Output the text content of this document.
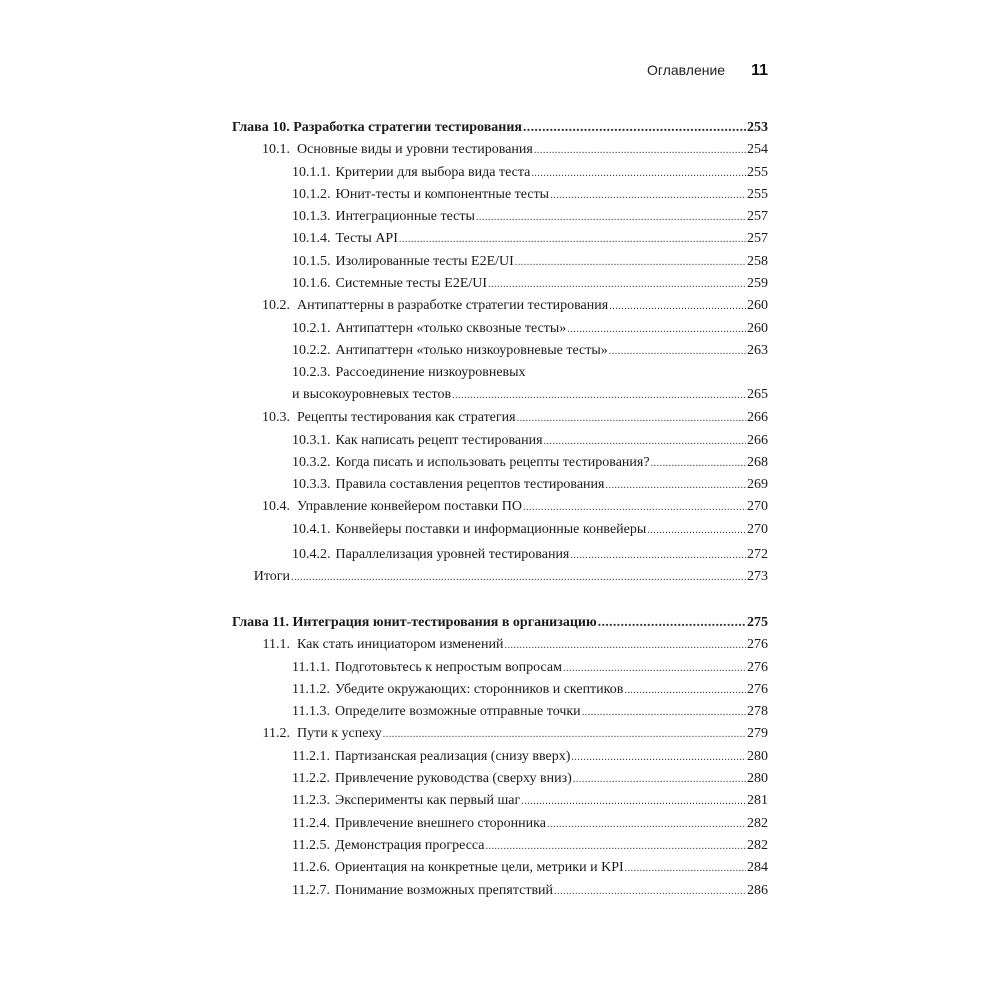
Оглавление 11
Глава 10. Разработка стратегии тестирования .....	253
10.1. Основные виды и уровни тестирования .....	254
10.1.1. Критерии для выбора вида теста .....	255
10.1.2. Юнит-тесты и компонентные тесты .....	255
10.1.3. Интеграционные тесты .....	257
10.1.4. Тесты API .....	257
10.1.5. Изолированные тесты E2E/UI .....	258
10.1.6. Системные тесты E2E/UI .....	259
10.2. Антипаттерны в разработке стратегии тестирования .....	260
10.2.1. Антипаттерн «только сквозные тесты» .....	260
10.2.2. Антипаттерн «только низкоуровневые тесты» .....	263
10.2.3. Рассоединение низкоуровневых
и высокоуровневых тестов .....	265
10.3. Рецепты тестирования как стратегия .....	266
10.3.1. Как написать рецепт тестирования .....	266
10.3.2. Когда писать и использовать рецепты тестирования? .....	268
10.3.3. Правила составления рецептов тестирования .....	269
10.4. Управление конвейером поставки ПО .....	270
10.4.1. Конвейеры поставки и информационные конвейеры .....	270
10.4.2. Параллелизация уровней тестирования .....	272
Итоги .....	273
Глава 11. Интеграция юнит-тестирования в организацию .....	275
11.1. Как стать инициатором изменений .....	276
11.1.1. Подготовьтесь к непростым вопросам .....	276
11.1.2. Убедите окружающих: сторонников и скептиков .....	276
11.1.3. Определите возможные отправные точки .....	278
11.2. Пути к успеху .....	279
11.2.1. Партизанская реализация (снизу вверх) .....	280
11.2.2. Привлечение руководства (сверху вниз) .....	280
11.2.3. Эксперименты как первый шаг .....	281
11.2.4. Привлечение внешнего сторонника .....	282
11.2.5. Демонстрация прогресса .....	282
11.2.6. Ориентация на конкретные цели, метрики и KPI .....	284
11.2.7. Понимание возможных препятствий .....	286
